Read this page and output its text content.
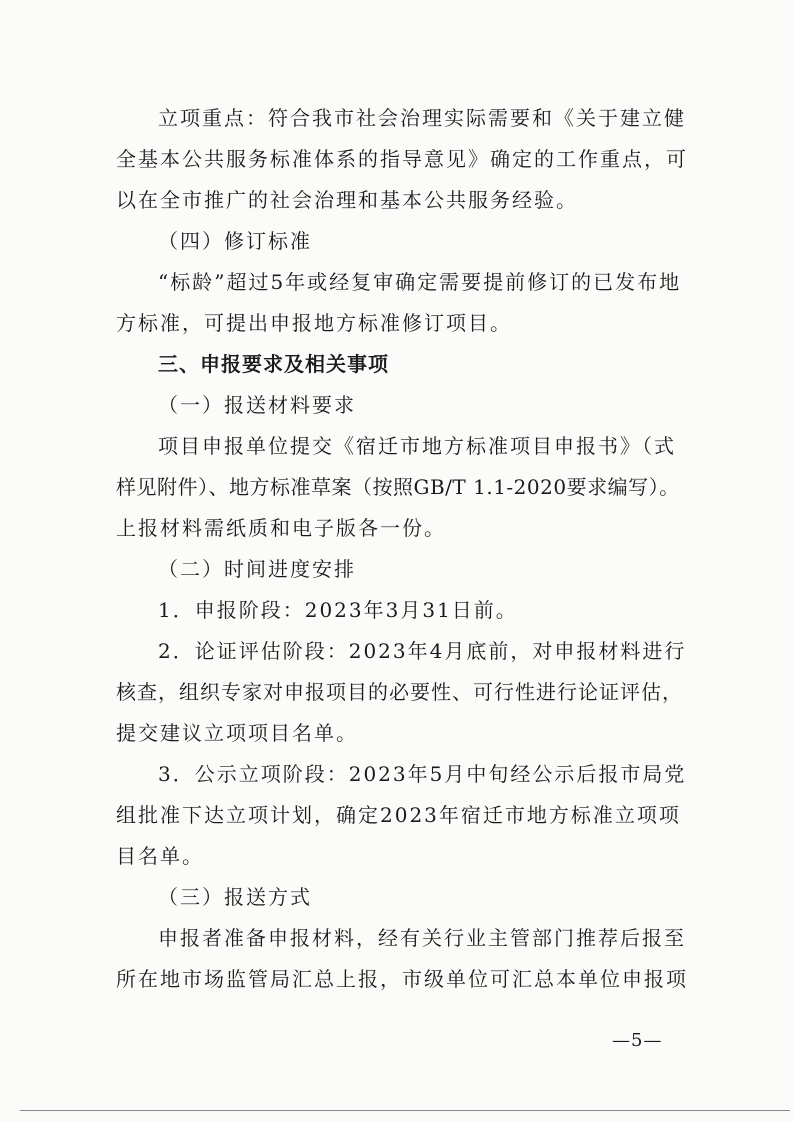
立项重点：符合我市社会治理实际需要和《关于建立健
全基本公共服务标准体系的指导意见》确定的工作重点，可
以在全市推广的社会治理和基本公共服务经验。
（四）修订标准
“标龄”超过5年或经复审确定需要提前修订的已发布地
方标准，可提出申报地方标准修订项目。
三、申报要求及相关事项
（一）报送材料要求
项目申报单位提交《宿迁市地方标准项目申报书》（式
样见附件）、地方标准草案（按照GB/T 1.1-2020要求编写）。
上报材料需纸质和电子版各一份。
（二）时间进度安排
1．申报阶段：2023年3月31日前。
2．论证评估阶段：2023年4月底前，对申报材料进行
核查，组织专家对申报项目的必要性、可行性进行论证评估，
提交建议立项项目名单。
3．公示立项阶段：2023年5月中旬经公示后报市局党
组批准下达立项计划，确定2023年宿迁市地方标准立项项
目名单。
（三）报送方式
申报者准备申报材料，经有关行业主管部门推荐后报至
所在地市场监管局汇总上报，市级单位可汇总本单位申报项
—5—
